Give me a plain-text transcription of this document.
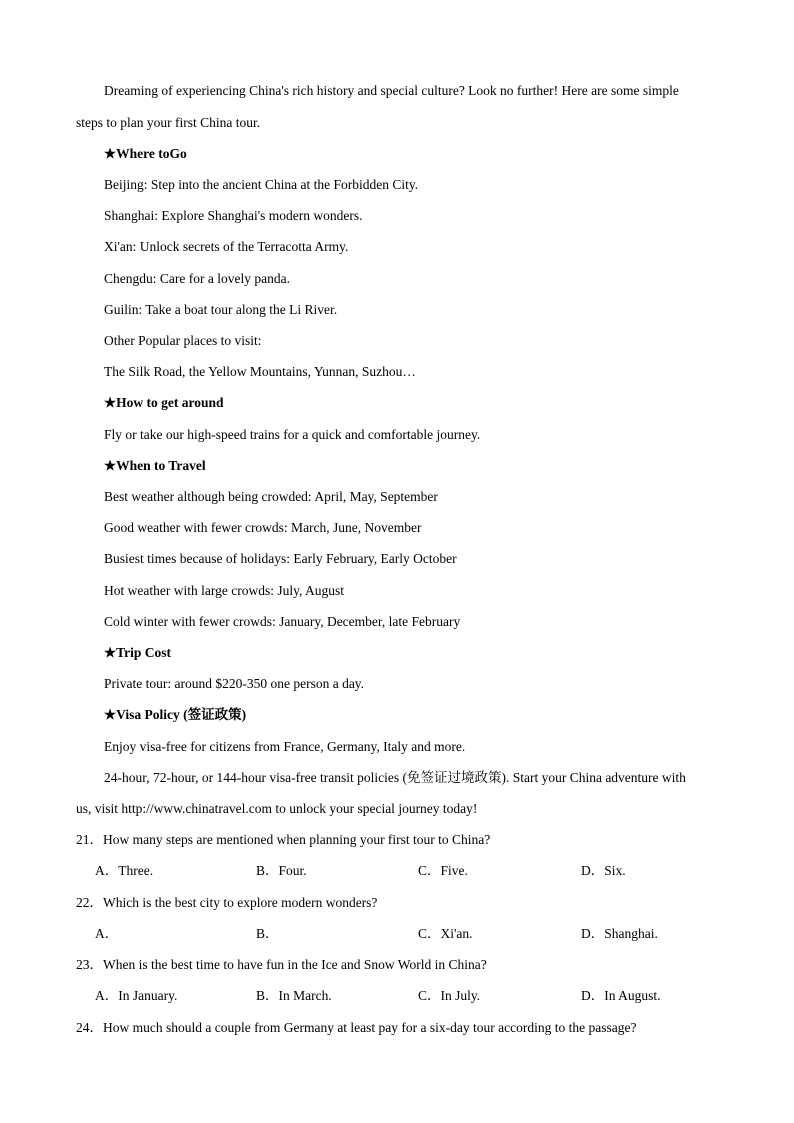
Dreaming of experiencing China's rich history and special culture? Look no further! Here are some simple
steps to plan your first China tour.
★Where toGo
Beijing: Step into the ancient China at the Forbidden City.
Shanghai: Explore Shanghai's modern wonders.
Xi'an: Unlock secrets of the Terracotta Army.
Chengdu: Care for a lovely panda.
Guilin: Take a boat tour along the Li River.
Other Popular places to visit:
The Silk Road, the Yellow Mountains, Yunnan, Suzhou…
★How to get around
Fly or take our high-speed trains for a quick and comfortable journey.
★When to Travel
Best weather although being crowded: April, May, September
Good weather with fewer crowds: March, June, November
Busiest times because of holidays: Early February, Early October
Hot weather with large crowds: July, August
Cold winter with fewer crowds: January, December, late February
★Trip Cost
Private tour: around $220-350 one person a day.
★Visa Policy (签证政策)
Enjoy visa-free for citizens from France, Germany, Italy and more.
24-hour, 72-hour, or 144-hour visa-free transit policies (免签证过境政策). Start your China adventure with
us, visit http://www.chinatravel.com to unlock your special journey today!
21．How many steps are mentioned when planning your first tour to China?
A．Three.	B．Four.	C．Five.	D．Six.
22．Which is the best city to explore modern wonders?
A．	B．	C．Xi'an.	D．Shanghai.
23．When is the best time to have fun in the Ice and Snow World in China?
A．In January.	B．In March.	C．In July.	D．In August.
24．How much should a couple from Germany at least pay for a six-day tour according to the passage?
